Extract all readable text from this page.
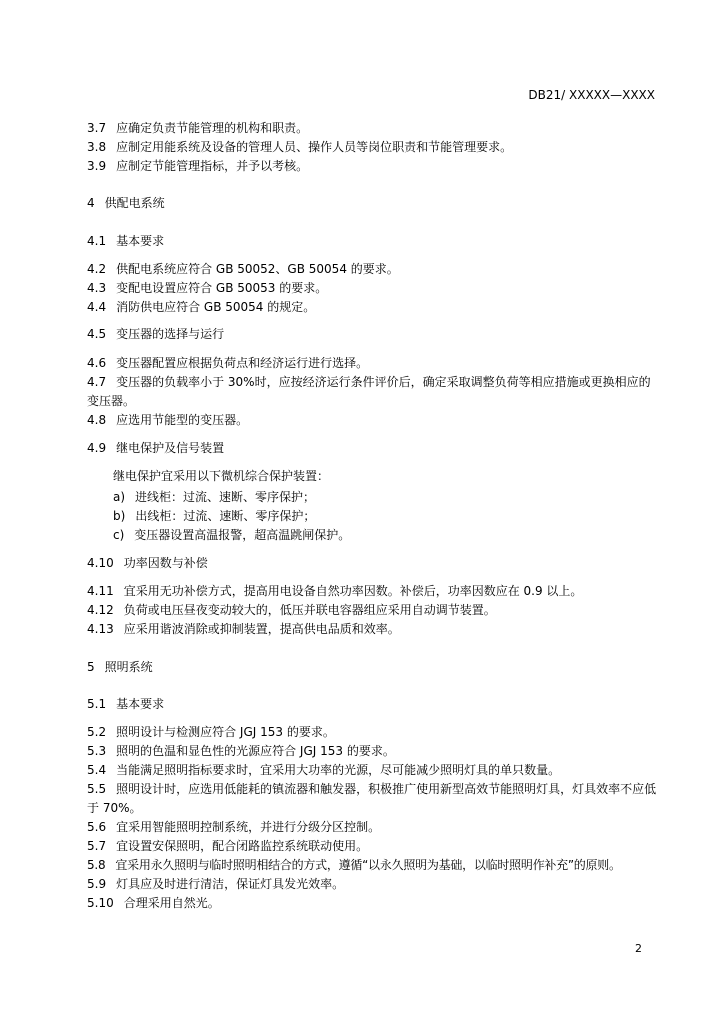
DB21/ XXXXX—XXXX
3.7 应确定负责节能管理的机构和职责。
3.8 应制定用能系统及设备的管理人员、操作人员等岗位职责和节能管理要求。
3.9 应制定节能管理指标，并予以考核。
4 供配电系统
4.1 基本要求
4.2 供配电系统应符合 GB 50052、GB 50054 的要求。
4.3 变配电设置应符合 GB 50053 的要求。
4.4 消防供电应符合 GB 50054 的规定。
4.5 变压器的选择与运行
4.6 变压器配置应根据负荷点和经济运行进行选择。
4.7 变压器的负载率小于 30%时，应按经济运行条件评价后，确定采取调整负荷等相应措施或更换相应的变压器。
4.8 应选用节能型的变压器。
4.9 继电保护及信号装置
继电保护宜采用以下微机综合保护装置：
a) 进线柜：过流、速断、零序保护；
b) 出线柜：过流、速断、零序保护；
c) 变压器设置高温报警，超高温跳闸保护。
4.10 功率因数与补偿
4.11 宜采用无功补偿方式，提高用电设备自然功率因数。补偿后，功率因数应在 0.9 以上。
4.12 负荷或电压昼夜变动较大的，低压并联电容器组应采用自动调节装置。
4.13 应采用谐波消除或抑制装置，提高供电品质和效率。
5 照明系统
5.1 基本要求
5.2 照明设计与检测应符合 JGJ 153 的要求。
5.3 照明的色温和显色性的光源应符合 JGJ 153 的要求。
5.4 当能满足照明指标要求时，宜采用大功率的光源，尽可能减少照明灯具的单只数量。
5.5 照明设计时，应选用低能耗的镇流器和触发器，积极推广使用新型高效节能照明灯具，灯具效率不应低于 70%。
5.6 宜采用智能照明控制系统，并进行分级分区控制。
5.7 宜设置安保照明，配合闭路监控系统联动使用。
5.8 宜采用永久照明与临时照明相结合的方式，遵循“以永久照明为基础，以临时照明作补充”的原则。
5.9 灯具应及时进行清洁，保证灯具发光效率。
5.10 合理采用自然光。
2
